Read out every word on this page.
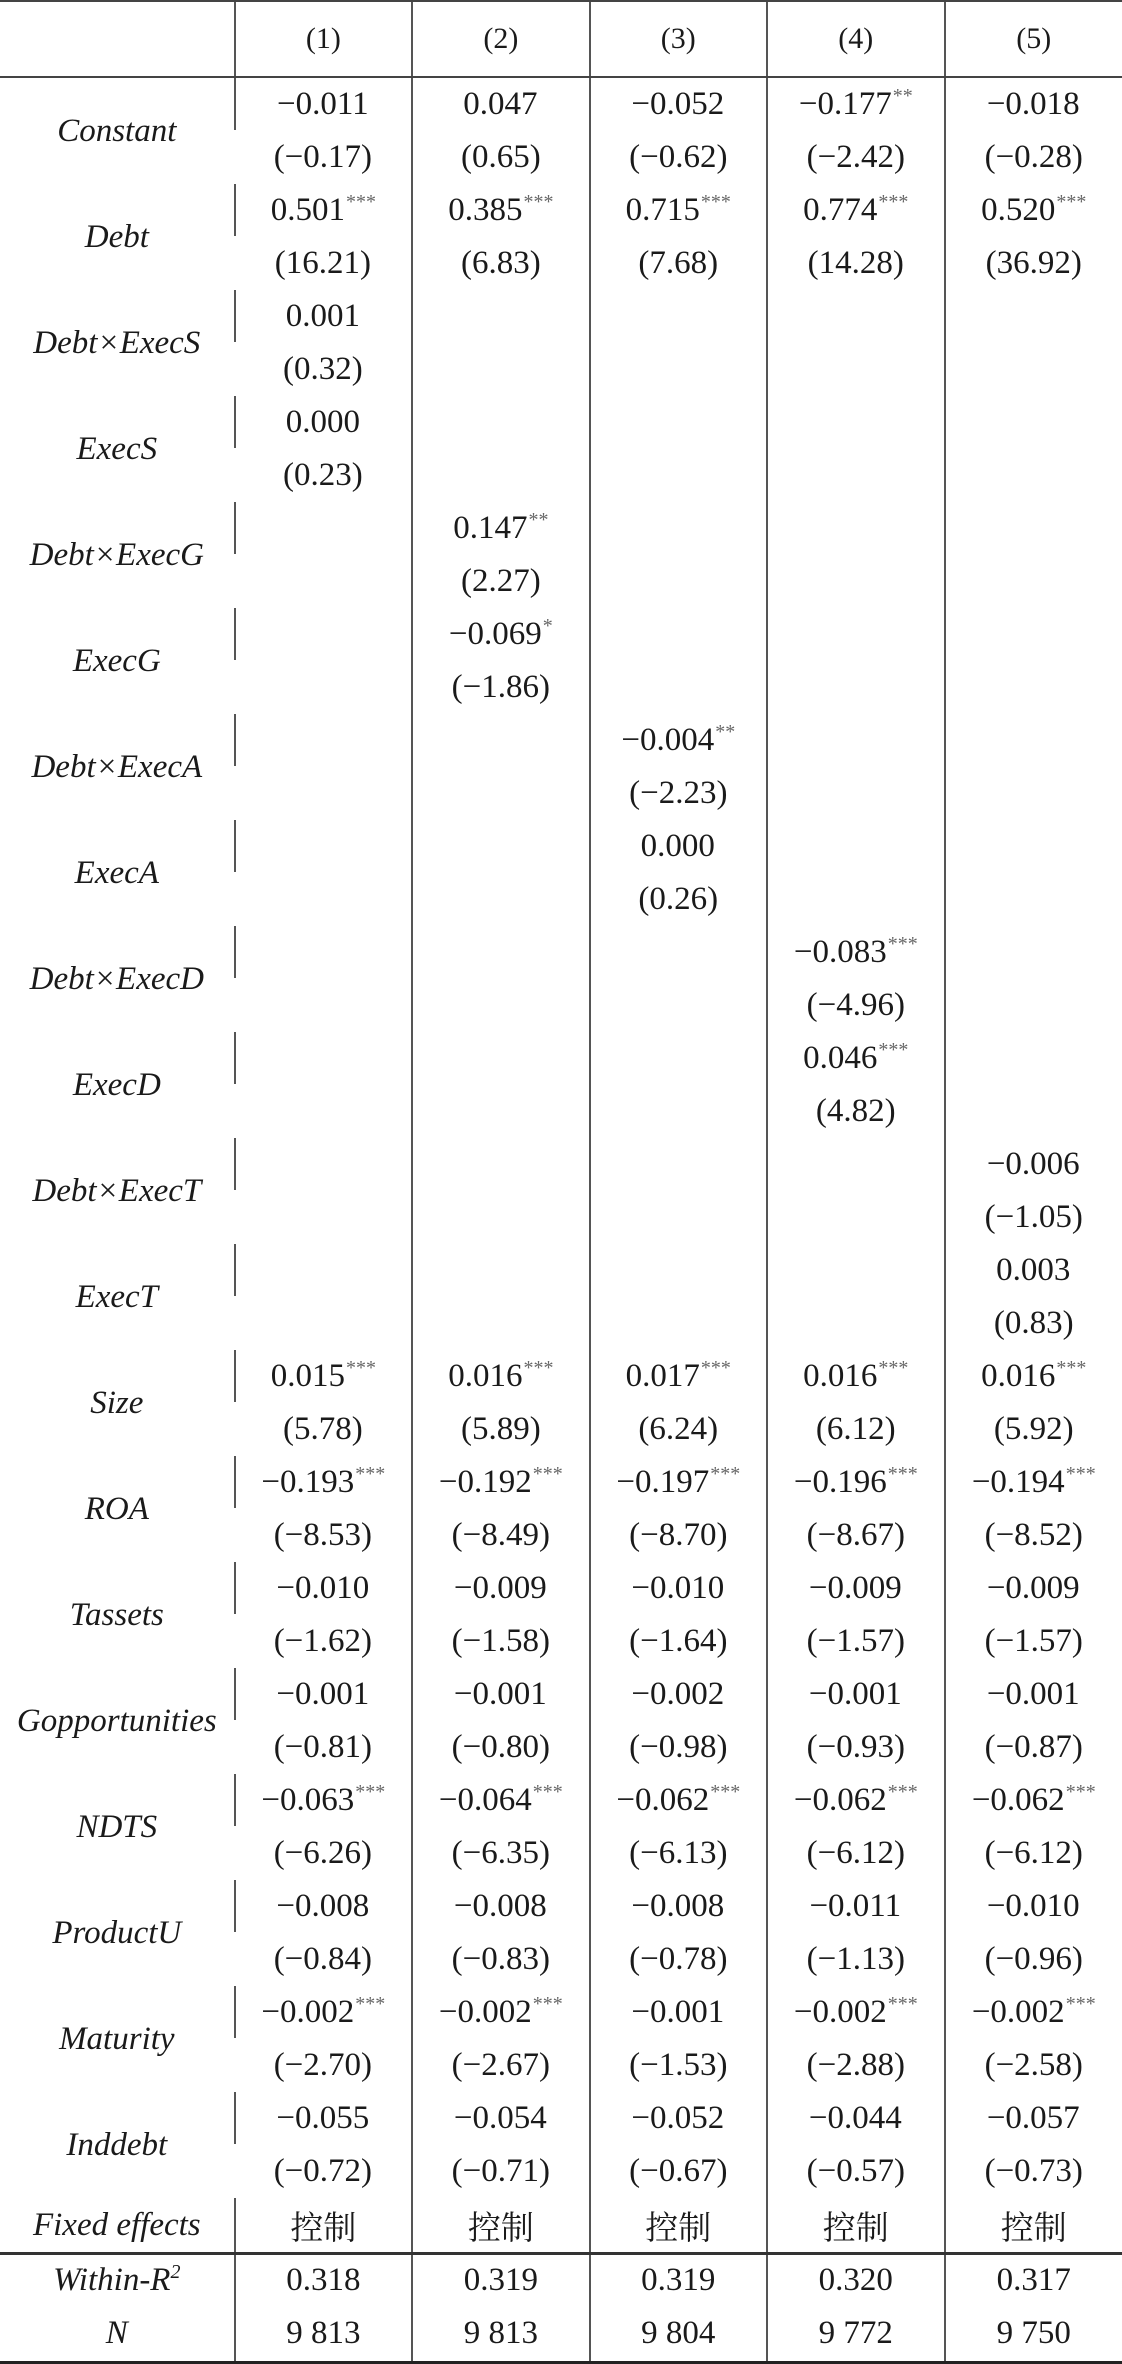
	(1)	(2)	(3)	(4)	(5)
Constant	−0.011	0.047	−0.052	−0.177**	−0.018
	(−0.17)	(0.65)	(−0.62)	(−2.42)	(−0.28)
Debt	0.501***	0.385***	0.715***	0.774***	0.520***
	(16.21)	(6.83)	(7.68)	(14.28)	(36.92)
Debt×ExecS	0.001				
	(0.32)				
ExecS	0.000				
	(0.23)				
Debt×ExecG		0.147**			
		(2.27)			
ExecG		−0.069*			
		(−1.86)			
Debt×ExecA			−0.004**		
			(−2.23)		
ExecA			0.000		
			(0.26)		
Debt×ExecD				−0.083***	
				(−4.96)	
ExecD				0.046***	
				(4.82)	
Debt×ExecT					−0.006
					(−1.05)
ExecT					0.003
					(0.83)
Size	0.015***	0.016***	0.017***	0.016***	0.016***
	(5.78)	(5.89)	(6.24)	(6.12)	(5.92)
ROA	−0.193***	−0.192***	−0.197***	−0.196***	−0.194***
	(−8.53)	(−8.49)	(−8.70)	(−8.67)	(−8.52)
Tassets	−0.010	−0.009	−0.010	−0.009	−0.009
	(−1.62)	(−1.58)	(−1.64)	(−1.57)	(−1.57)
Gopportunities	−0.001	−0.001	−0.002	−0.001	−0.001
	(−0.81)	(−0.80)	(−0.98)	(−0.93)	(−0.87)
NDTS	−0.063***	−0.064***	−0.062***	−0.062***	−0.062***
	(−6.26)	(−6.35)	(−6.13)	(−6.12)	(−6.12)
ProductU	−0.008	−0.008	−0.008	−0.011	−0.010
	(−0.84)	(−0.83)	(−0.78)	(−1.13)	(−0.96)
Maturity	−0.002***	−0.002***	−0.001	−0.002***	−0.002***
	(−2.70)	(−2.67)	(−1.53)	(−2.88)	(−2.58)
Inddebt	−0.055	−0.054	−0.052	−0.044	−0.057
	(−0.72)	(−0.71)	(−0.67)	(−0.57)	(−0.73)
Fixed effects	控制	控制	控制	控制	控制
Within-$R^2$	0.318	0.319	0.319	0.320	0.317
N	9 813	9 813	9 804	9 772	9 750
